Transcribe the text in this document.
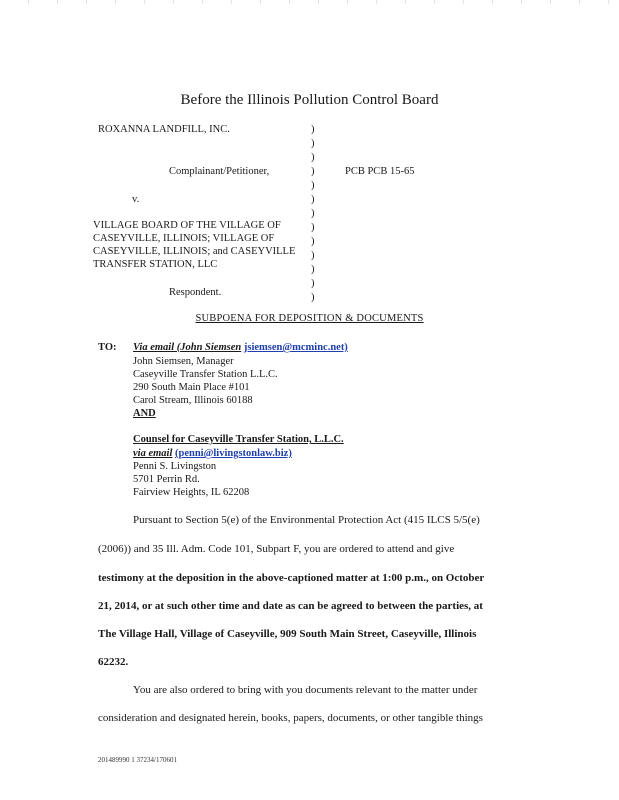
Before the Illinois Pollution Control Board
ROXANNA LANDFILL, INC.
Complainant/Petitioner,
v.
VILLAGE BOARD OF THE VILLAGE OF
CASEYVILLE, ILLINOIS; VILLAGE OF
CASEYVILLE, ILLINOIS; and CASEYVILLE
TRANSFER STATION, LLC
Respondent.
)
)
)
)
)
)
)
)
)
)
)
)
)
PCB PCB 15-65
SUBPOENA FOR DEPOSITION & DOCUMENTS
TO: Via email (John Siemsen jsiemsen@mcminc.net)
John Siemsen, Manager
Caseyville Transfer Station L.L.C.
290 South Main Place #101
Carol Stream, Illinois 60188
AND
Counsel for Caseyville Transfer Station, L.L.C.
via email (penni@livingstonlaw.biz)
Penni S. Livingston
5701 Perrin Rd.
Fairview Heights, IL 62208
Pursuant to Section 5(e) of the Environmental Protection Act (415 ILCS 5/5(e)
(2006)) and 35 Ill. Adm. Code 101, Subpart F, you are ordered to attend and give
testimony at the deposition in the above-captioned matter at 1:00 p.m., on October
21, 2014, or at such other time and date as can be agreed to between the parties, at
The Village Hall, Village of Caseyville, 909 South Main Street, Caseyville, Illinois
62232.
You are also ordered to bring with you documents relevant to the matter under
consideration and designated herein, books, papers, documents, or other tangible things
201489990 1 37234/170601
